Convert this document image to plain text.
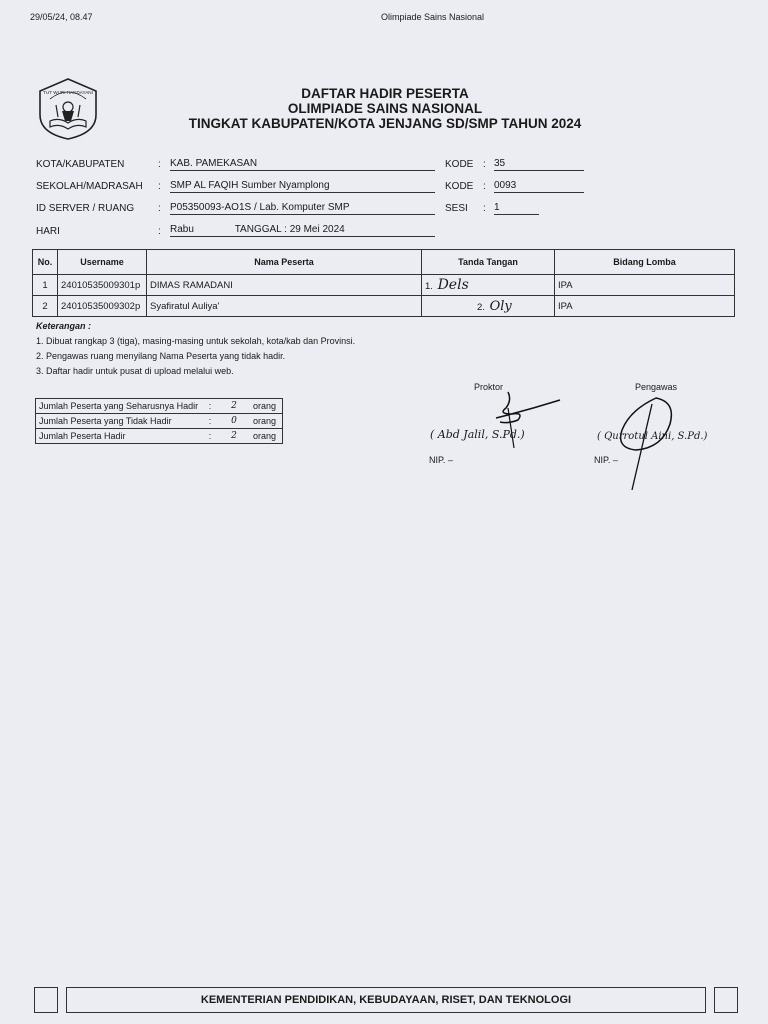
29/05/24, 08.47	Olimpiade Sains Nasional
TUT WURI HANDAYANI	DAFTAR HADIR PESERTA
OLIMPIADE SAINS NASIONAL
TINGKAT KABUPATEN/KOTA JENJANG SD/SMP TAHUN 2024
KOTA/KABUPATEN	: KAB. PAMEKASAN
SEKOLAH/MADRASAH : SMP AL FAQIH Sumber Nyamplong
ID SERVER / RUANG : P05350093-AO1S / Lab. Komputer SMP
HARI	: Rabu	TANGGAL : 29 Mei 2024
KODE : 35
KODE : 0093
SESI : 1
No.	Username	Nama Peserta	Tanda Tangan	Bidang Lomba
1	24010535009301p	DIMAS RAMADANI	1. Dels	IPA
2	24010535009302p	Syafiratul Auliya'	2. Oly	IPA
Keterangan :
1. Dibuat rangkap 3 (tiga), masing-masing untuk sekolah, kota/kab dan Provinsi.
2. Pengawas ruang menyilang Nama Peserta yang tidak hadir.
3. Daftar hadir untuk pusat di upload melalui web.
Jumlah Peserta yang Seharusnya Hadir	:	2	orang
Jumlah Peserta yang Tidak Hadir	:	0	orang
Jumlah Peserta Hadir	:	2	orang
Proktor
( Abd Jalil, S.Pd.)
NIP. –
Pengawas
( Qurrotul Aini, S.Pd.)
NIP. –
KEMENTERIAN PENDIDIKAN, KEBUDAYAAN, RISET, DAN TEKNOLOGI
